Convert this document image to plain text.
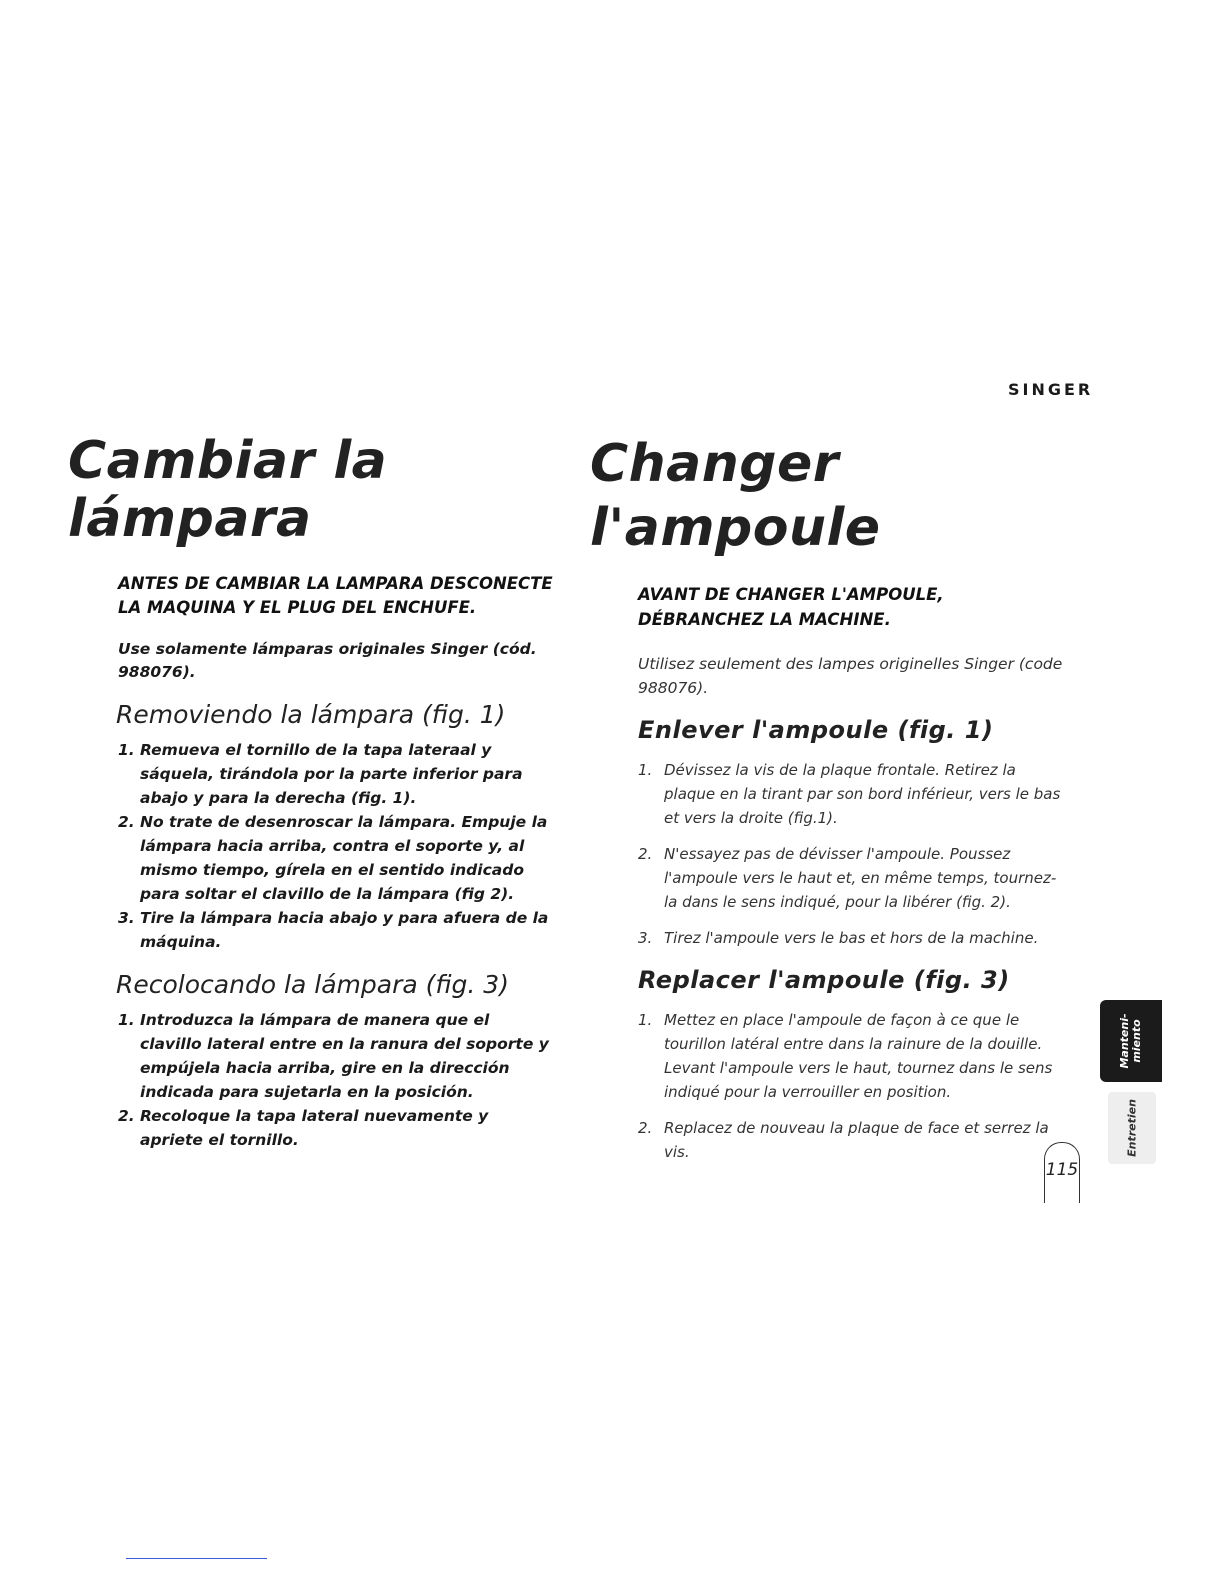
SINGER
Cambiar la
lámpara

ANTES DE CAMBIAR LA LAMPARA DESCONECTE LA MAQUINA Y EL PLUG DEL ENCHUFE.

Use solamente lámparas originales Singer (cód. 988076).

Removiendo la lámpara (fig. 1)
1. Remueva el tornillo de la tapa lateraal y sáquela, tirándola por la parte inferior para abajo y para la derecha (fig. 1).
2. No trate de desenroscar la lámpara. Empuje la lámpara hacia arriba, contra el soporte y, al mismo tiempo, gírela en el sentido indicado para soltar el clavillo de la lámpara (fig 2).
3. Tire la lámpara hacia abajo y para afuera de la máquina.
Recolocando la lámpara (fig. 3)
1. Introduzca la lámpara de manera que el clavillo lateral entre en la ranura del soporte y empújela hacia arriba, gire en la dirección indicada para sujetarla en la posición.
2. Recoloque la tapa lateral nuevamente y apriete el tornillo.
Changer l'ampoule

AVANT DE CHANGER L'AMPOULE, DÉBRANCHEZ LA MACHINE.

Utilisez seulement des lampes originelles Singer (code 988076).

Enlever l'ampoule (fig. 1)
1. Dévissez la vis de la plaque frontale. Retirez la plaque en la tirant par son bord inférieur, vers le bas et vers la droite (fig.1).
2. N'essayez pas de dévisser l'ampoule. Poussez l'ampoule vers le haut et, en même temps, tournez-la dans le sens indiqué, pour la libérer (fig. 2).
3. Tirez l'ampoule vers le bas et hors de la machine.
Replacer l'ampoule (fig. 3)
1. Mettez en place l'ampoule de façon à ce que le tourillon latéral entre dans la rainure de la douille. Levant l'ampoule vers le haut, tournez dans le sens indiqué pour la verrouiller en position.
2. Replacez de nouveau la plaque de face et serrez la vis.
Manteni-
miento
Entretien
115
